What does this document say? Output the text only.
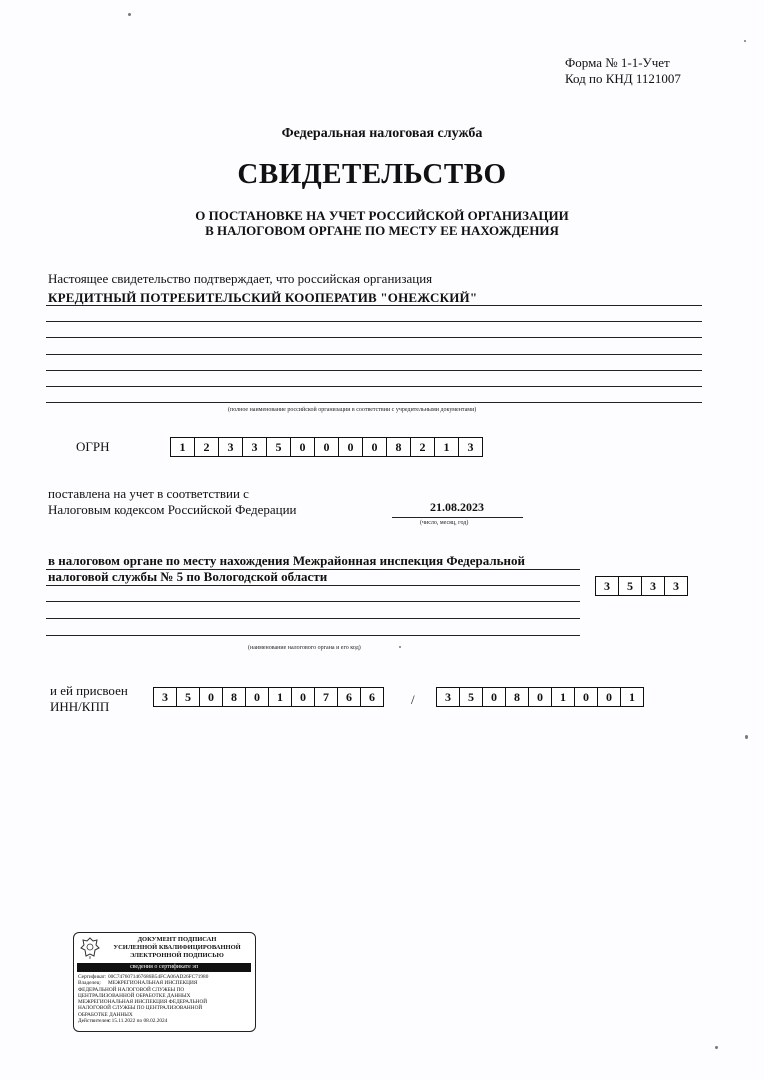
Форма № 1-1-Учет
Код по КНД 1121007
Федеральная налоговая служба
СВИДЕТЕЛЬСТВО
О ПОСТАНОВКЕ НА УЧЕТ РОССИЙСКОЙ ОРГАНИЗАЦИИ
В НАЛОГОВОМ ОРГАНЕ ПО МЕСТУ ЕЕ НАХОЖДЕНИЯ
Настоящее свидетельство подтверждает, что российская организация
КРЕДИТНЫЙ ПОТРЕБИТЕЛЬСКИЙ КООПЕРАТИВ "ОНЕЖСКИЙ"
(полное наименование российской организации в соответствии с учредительными документами)
ОГРН	1	2	3	3	5	0	0	0	0	8	2	1	3
поставлена на учет в соответствии с
Налоговым кодексом Российской Федерации	21.08.2023
(число, месяц, год)
в налоговом органе по месту нахождения Межрайонная инспекция Федеральной
налоговой службы № 5 по Вологодской области
3	5	3	3
(наименование налогового органа и его код)
и ей присвоен
ИНН/КПП
3	5	0	8	0	1	0	7	6	6	/	3	5	0	8	0	1	0	0	1
ДОКУМЕНТ ПОДПИСАН
УСИЛЕННОЙ КВАЛИФИЦИРОВАННОЙ
ЭЛЕКТРОННОЙ ПОДПИСЬЮ
сведения о сертификате эп
Сертификат: 00C7476071467686B54FCA06AD26FC71980
Владелец:	МЕЖРЕГИОНАЛЬНАЯ ИНСПЕКЦИЯ
ФЕДЕРАЛЬНОЙ НАЛОГОВОЙ СЛУЖБЫ ПО
ЦЕНТРАЛИЗОВАННОЙ ОБРАБОТКЕ ДАННЫХ
МЕЖРЕГИОНАЛЬНАЯ ИНСПЕКЦИЯ ФЕДЕРАЛЬНОЙ
НАЛОГОВОЙ СЛУЖБЫ ПО ЦЕНТРАЛИЗОВАННОЙ
ОБРАБОТКЕ ДАННЫХ
Действителен:
с 15.11.2022 по 08.02.2024
